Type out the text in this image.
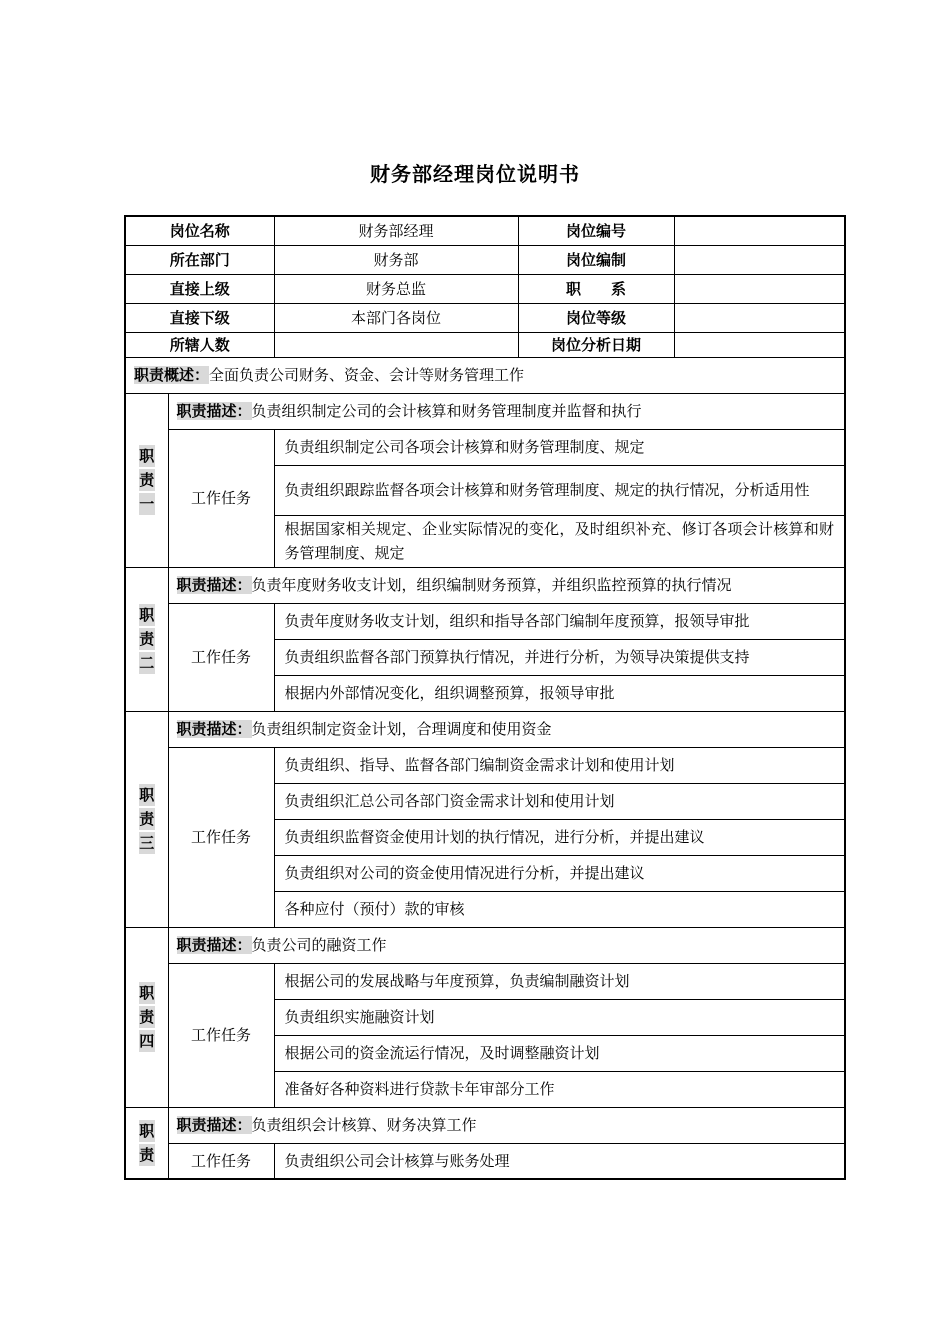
财务部经理岗位说明书
岗位名称		财务部经理	岗位编号	
所在部门		财务部	岗位编制	
直接上级		财务总监	职　　系	
直接下级		本部门各岗位	岗位等级	
所辖人数			岗位分析日期	
职责概述：全面负责公司财务、资金、会计等财务管理工作				
职
责
一	职责描述：负责组织制定公司的会计核算和财务管理制度并监督和执行			
	工作任务	负责组织制定公司各项会计核算和财务管理制度、规定		
		负责组织跟踪监督各项会计核算和财务管理制度、规定的执行情况，分析适用性		
		根据国家相关规定、企业实际情况的变化，及时组织补充、修订各项会计核算和财务管理制度、规定		
职
责
二	职责描述：负责年度财务收支计划，组织编制财务预算，并组织监控预算的执行情况			
	工作任务	负责年度财务收支计划，组织和指导各部门编制年度预算，报领导审批		
		负责组织监督各部门预算执行情况，并进行分析，为领导决策提供支持		
		根据内外部情况变化，组织调整预算，报领导审批		
职
责
三	职责描述：负责组织制定资金计划，合理调度和使用资金			
	工作任务	负责组织、指导、监督各部门编制资金需求计划和使用计划		
		负责组织汇总公司各部门资金需求计划和使用计划		
		负责组织监督资金使用计划的执行情况，进行分析，并提出建议		
		负责组织对公司的资金使用情况进行分析，并提出建议		
		各种应付（预付）款的审核		
职
责
四	职责描述：负责公司的融资工作			
	工作任务	根据公司的发展战略与年度预算，负责编制融资计划		
		负责组织实施融资计划		
		根据公司的资金流运行情况，及时调整融资计划		
		准备好各种资料进行贷款卡年审部分工作		
职
责	职责描述：负责组织会计核算、财务决算工作			
	工作任务	负责组织公司会计核算与账务处理		
